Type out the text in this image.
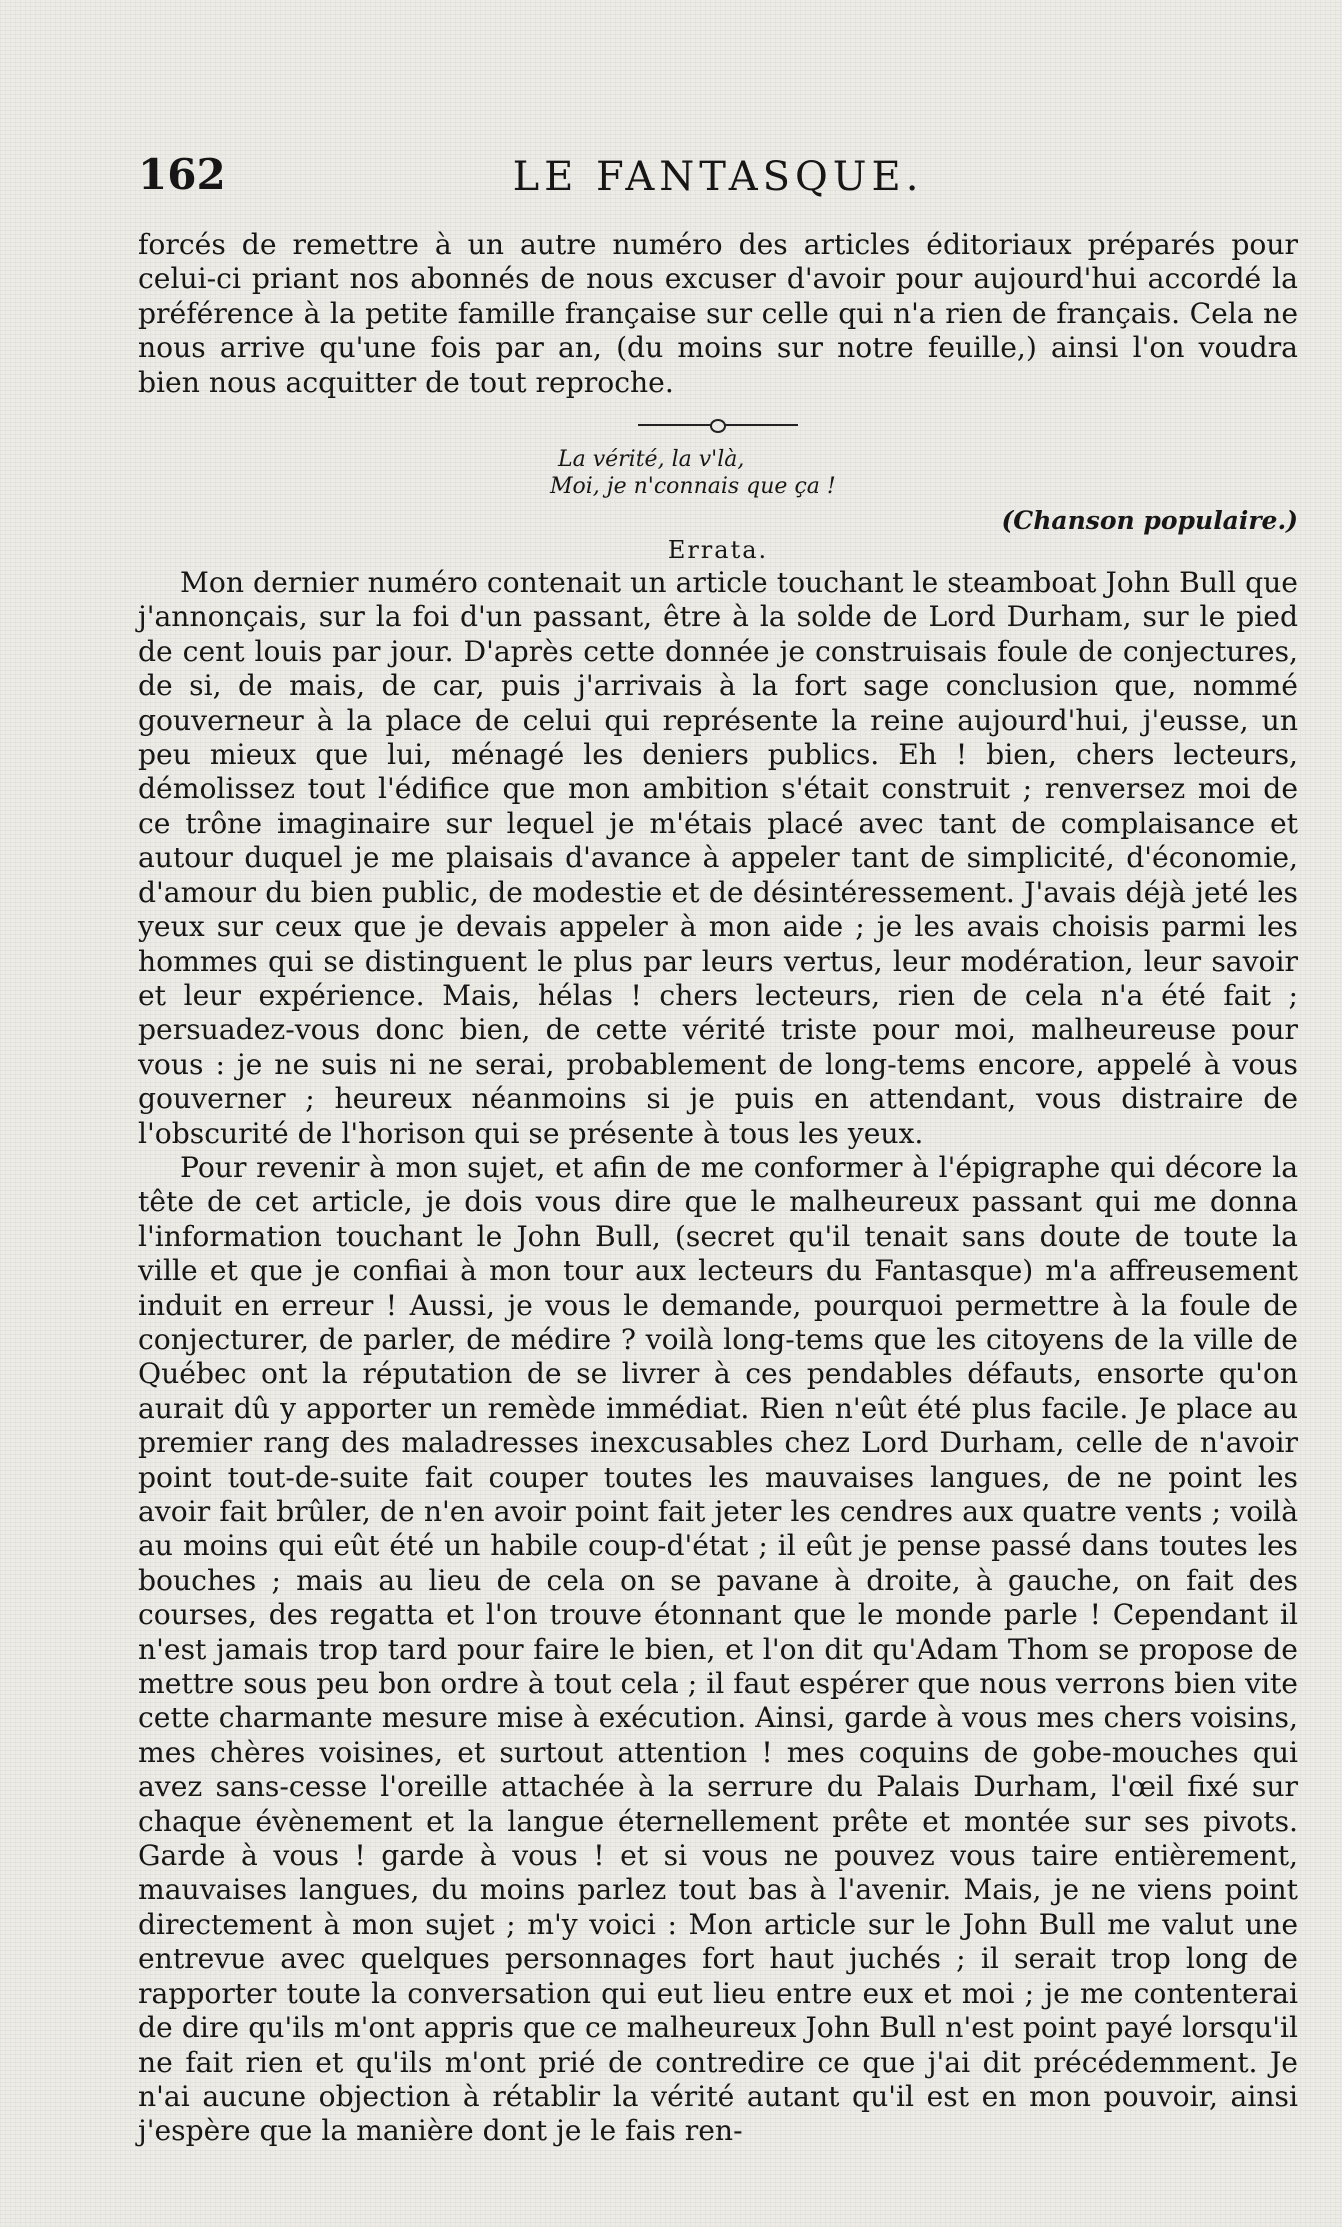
162	LE FANTASQUE.

forcés de remettre à un autre numéro des articles éditoriaux préparés pour celui-ci priant nos abonnés de nous excuser d'avoir pour aujourd'hui accordé la préférence à la petite famille française sur celle qui n'a rien de français. Cela ne nous arrive qu'une fois par an, (du moins sur notre feuille,) ainsi l'on voudra bien nous acquitter de tout reproche.

La vérité, la v'là,
Moi, je n'connais que ça !
(Chanson populaire.)
Errata.

Mon dernier numéro contenait un article touchant le steamboat John Bull que j'annonçais, sur la foi d'un passant, être à la solde de Lord Durham, sur le pied de cent louis par jour. D'après cette donnée je construisais foule de conjectures, de si, de mais, de car, puis j'arrivais à la fort sage conclusion que, nommé gouverneur à la place de celui qui représente la reine aujourd'hui, j'eusse, un peu mieux que lui, ménagé les deniers publics. Eh ! bien, chers lecteurs, démolissez tout l'édifice que mon ambition s'était construit ; renversez moi de ce trône imaginaire sur lequel je m'étais placé avec tant de complaisance et autour duquel je me plaisais d'avance à appeler tant de simplicité, d'économie, d'amour du bien public, de modestie et de désintéressement. J'avais déjà jeté les yeux sur ceux que je devais appeler à mon aide ; je les avais choisis parmi les hommes qui se distinguent le plus par leurs vertus, leur modération, leur savoir et leur expérience. Mais, hélas ! chers lecteurs, rien de cela n'a été fait ; persuadez-vous donc bien, de cette vérité triste pour moi, malheureuse pour vous : je ne suis ni ne serai, probablement de long-tems encore, appelé à vous gouverner ; heureux néanmoins si je puis en attendant, vous distraire de l'obscurité de l'horison qui se présente à tous les yeux.

Pour revenir à mon sujet, et afin de me conformer à l'épigraphe qui décore la tête de cet article, je dois vous dire que le malheureux passant qui me donna l'information touchant le John Bull, (secret qu'il tenait sans doute de toute la ville et que je confiai à mon tour aux lecteurs du Fantasque) m'a affreusement induit en erreur ! Aussi, je vous le demande, pourquoi permettre à la foule de conjecturer, de parler, de médire ? voilà long-tems que les citoyens de la ville de Québec ont la réputation de se livrer à ces pendables défauts, ensorte qu'on aurait dû y apporter un remède immédiat. Rien n'eût été plus facile. Je place au premier rang des maladresses inexcusables chez Lord Durham, celle de n'avoir point tout-de-suite fait couper toutes les mauvaises langues, de ne point les avoir fait brûler, de n'en avoir point fait jeter les cendres aux quatre vents ; voilà au moins qui eût été un habile coup-d'état ; il eût je pense passé dans toutes les bouches ; mais au lieu de cela on se pavane à droite, à gauche, on fait des courses, des regatta et l'on trouve étonnant que le monde parle ! Cependant il n'est jamais trop tard pour faire le bien, et l'on dit qu'Adam Thom se propose de mettre sous peu bon ordre à tout cela ; il faut espérer que nous verrons bien vite cette charmante mesure mise à exécution. Ainsi, garde à vous mes chers voisins, mes chères voisines, et surtout attention ! mes coquins de gobe-mouches qui avez sans-cesse l'oreille attachée à la serrure du Palais Durham, l'œil fixé sur chaque évènement et la langue éternellement prête et montée sur ses pivots. Garde à vous ! garde à vous ! et si vous ne pouvez vous taire entièrement, mauvaises langues, du moins parlez tout bas à l'avenir. Mais, je ne viens point directement à mon sujet ; m'y voici : Mon article sur le John Bull me valut une entrevue avec quelques personnages fort haut juchés ; il serait trop long de rapporter toute la conversation qui eut lieu entre eux et moi ; je me contenterai de dire qu'ils m'ont appris que ce malheureux John Bull n'est point payé lorsqu'il ne fait rien et qu'ils m'ont prié de contredire ce que j'ai dit précédemment. Je n'ai aucune objection à rétablir la vérité autant qu'il est en mon pouvoir, ainsi j'espère que la manière dont je le fais ren-
